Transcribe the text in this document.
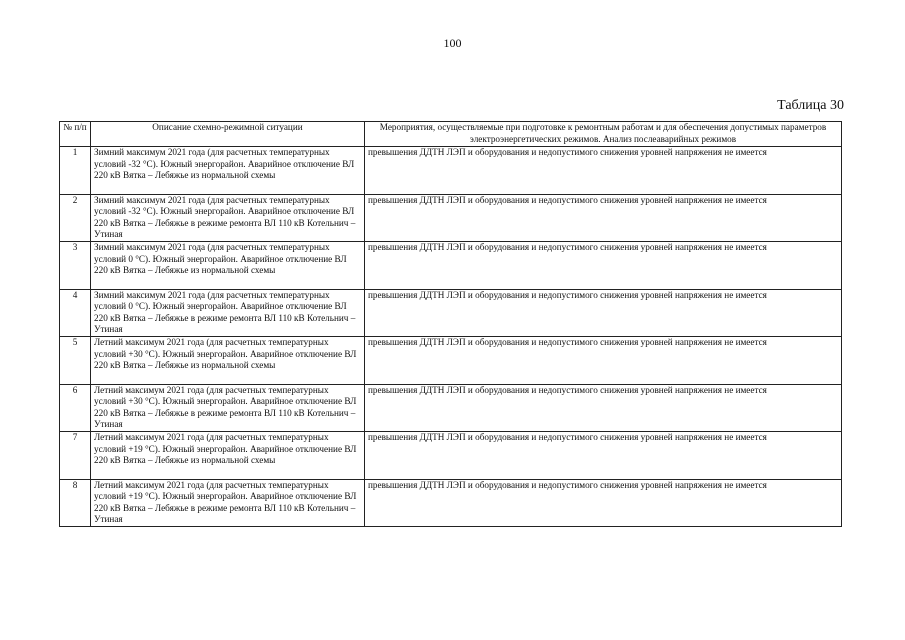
100
Таблица 30
№ п/п	Описание схемно-режимной ситуации	Мероприятия, осуществляемые при подготовке к ремонтным работам и для обеспечения допустимых параметров электроэнергетических режимов. Анализ послеаварийных режимов
1	Зимний максимум 2021 года (для расчетных температурных условий -32 °С). Южный энергорайон. Аварийное отключение ВЛ 220 кВ Вятка – Лебяжье из нормальной схемы	превышения ДДТН ЛЭП и оборудования и недопустимого снижения уровней напряжения не имеется
2	Зимний максимум 2021 года (для расчетных температурных условий -32 °С). Южный энергорайон. Аварийное отключение ВЛ 220 кВ Вятка – Лебяжье в режиме ремонта ВЛ 110 кВ Котельнич – Утиная	превышения ДДТН ЛЭП и оборудования и недопустимого снижения уровней напряжения не имеется
3	Зимний максимум 2021 года (для расчетных температурных условий 0 °С). Южный энергорайон. Аварийное отключение ВЛ 220 кВ Вятка – Лебяжье из нормальной схемы	превышения ДДТН ЛЭП и оборудования и недопустимого снижения уровней напряжения не имеется
4	Зимний максимум 2021 года (для расчетных температурных условий 0 °С). Южный энергорайон. Аварийное отключение ВЛ 220 кВ Вятка – Лебяжье в режиме ремонта ВЛ 110 кВ Котельнич – Утиная	превышения ДДТН ЛЭП и оборудования и недопустимого снижения уровней напряжения не имеется
5	Летний максимум 2021 года (для расчетных температурных условий +30 °С). Южный энергорайон. Аварийное отключение ВЛ 220 кВ Вятка – Лебяжье из нормальной схемы	превышения ДДТН ЛЭП и оборудования и недопустимого снижения уровней напряжения не имеется
6	Летний максимум 2021 года (для расчетных температурных условий +30 °С). Южный энергорайон. Аварийное отключение ВЛ 220 кВ Вятка – Лебяжье в режиме ремонта ВЛ 110 кВ Котельнич – Утиная	превышения ДДТН ЛЭП и оборудования и недопустимого снижения уровней напряжения не имеется
7	Летний максимум 2021 года (для расчетных температурных условий +19 °С). Южный энергорайон. Аварийное отключение ВЛ 220 кВ Вятка – Лебяжье из нормальной схемы	превышения ДДТН ЛЭП и оборудования и недопустимого снижения уровней напряжения не имеется
8	Летний максимум 2021 года (для расчетных температурных условий +19 °С). Южный энергорайон. Аварийное отключение ВЛ 220 кВ Вятка – Лебяжье в режиме ремонта ВЛ 110 кВ Котельнич – Утиная	превышения ДДТН ЛЭП и оборудования и недопустимого снижения уровней напряжения не имеется
